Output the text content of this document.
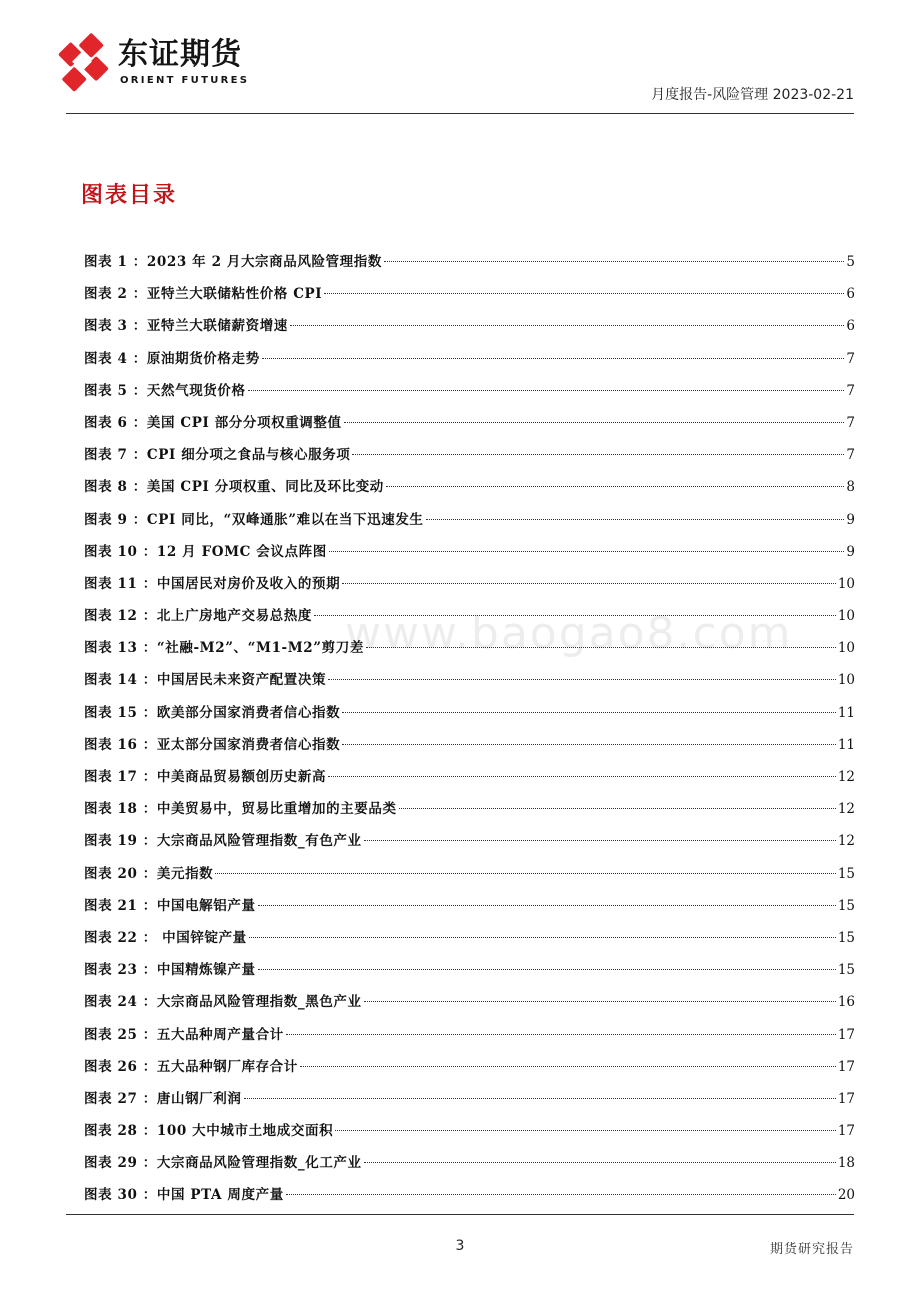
东证期货
ORIENT FUTURES
月度报告-风险管理 2023-02-21
图表目录
图表 1 ：2023 年 2 月大宗商品风险管理指数	5
图表 2 ：亚特兰大联储粘性价格 CPI	6
图表 3 ：亚特兰大联储薪资增速	6
图表 4 ：原油期货价格走势	7
图表 5 ：天然气现货价格	7
图表 6 ：美国 CPI 部分分项权重调整值	7
图表 7 ：CPI 细分项之食品与核心服务项	7
图表 8 ：美国 CPI 分项权重、同比及环比变动	8
图表 9 ：CPI 同比，“双峰通胀”难以在当下迅速发生	9
图表 10 ：12 月 FOMC 会议点阵图	9
图表 11 ：中国居民对房价及收入的预期	10
图表 12 ：北上广房地产交易总热度	10
图表 13 ：“社融-M2”、“M1-M2”剪刀差	10
图表 14 ：中国居民未来资产配置决策	10
图表 15 ：欧美部分国家消费者信心指数	11
图表 16 ：亚太部分国家消费者信心指数	11
图表 17 ：中美商品贸易额创历史新高	12
图表 18 ：中美贸易中，贸易比重增加的主要品类	12
图表 19 ：大宗商品风险管理指数_有色产业	12
图表 20 ：美元指数	15
图表 21 ：中国电解铝产量	15
图表 22 ： 中国锌锭产量	15
图表 23 ：中国精炼镍产量	15
图表 24 ：大宗商品风险管理指数_黑色产业	16
图表 25 ：五大品种周产量合计	17
图表 26 ：五大品种钢厂库存合计	17
图表 27 ：唐山钢厂利润	17
图表 28 ：100 大中城市土地成交面积	17
图表 29 ：大宗商品风险管理指数_化工产业	18
图表 30 ：中国 PTA 周度产量	20
www.baogao8.com
3	期货研究报告
